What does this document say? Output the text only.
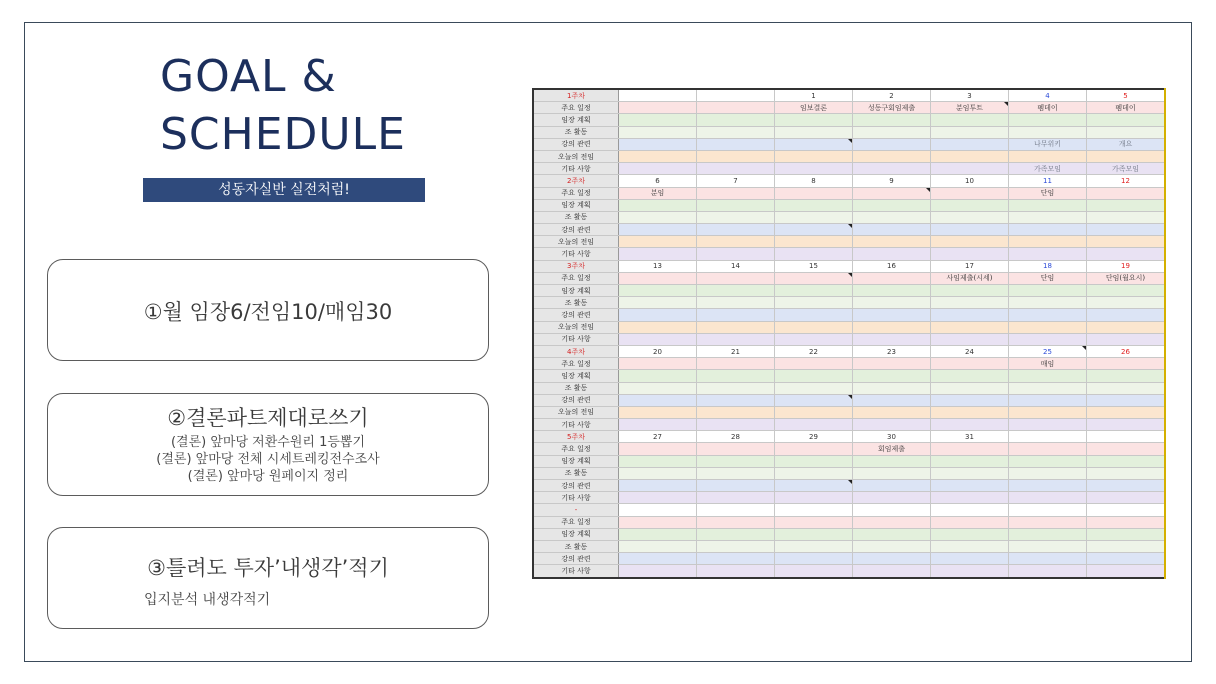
GOAL &
SCHEDULE
성동자실반 실전처럼!
①월 임장6/전임10/매임30
②결론파트제대로쓰기
(결론) 앞마당 저환수원리 1등뽑기
(결론) 앞마당 전체 시세트레킹전수조사
(결론) 앞마당 원페이지 정리
③틀려도 투자’내생각’적기
입지분석 내생각적기
1주차			1	2	3	4	5
주요 일정			임보결론	성동구회임제출	분임투트	펨데이	펨데이
임장 계획							
조 활동							
강의 관련						나무위키	개요
오늘의 전임							
기타 사항						가족모임	가족모임
2주차	6	7	8	9	10	11	12
주요 일정	분임					단임	
임장 계획							
조 활동							
강의 관련							
오늘의 전임							
기타 사항							
3주차	13	14	15	16	17	18	19
주요 일정					사임제출(시세)	단임	단임(월요시)
임장 계획							
조 활동							
강의 관련							
오늘의 전임							
기타 사항							
4주차	20	21	22	23	24	25	26
주요 일정						매임	
임장 계획							
조 활동							
강의 관련							
오늘의 전임							
기타 사항							
5주차	27	28	29	30	31		
주요 일정				회임제출			
임장 계획							
조 활동							
강의 관련							
기타 사항							
-							
주요 일정							
임장 계획							
조 활동							
강의 관련							
기타 사항							
